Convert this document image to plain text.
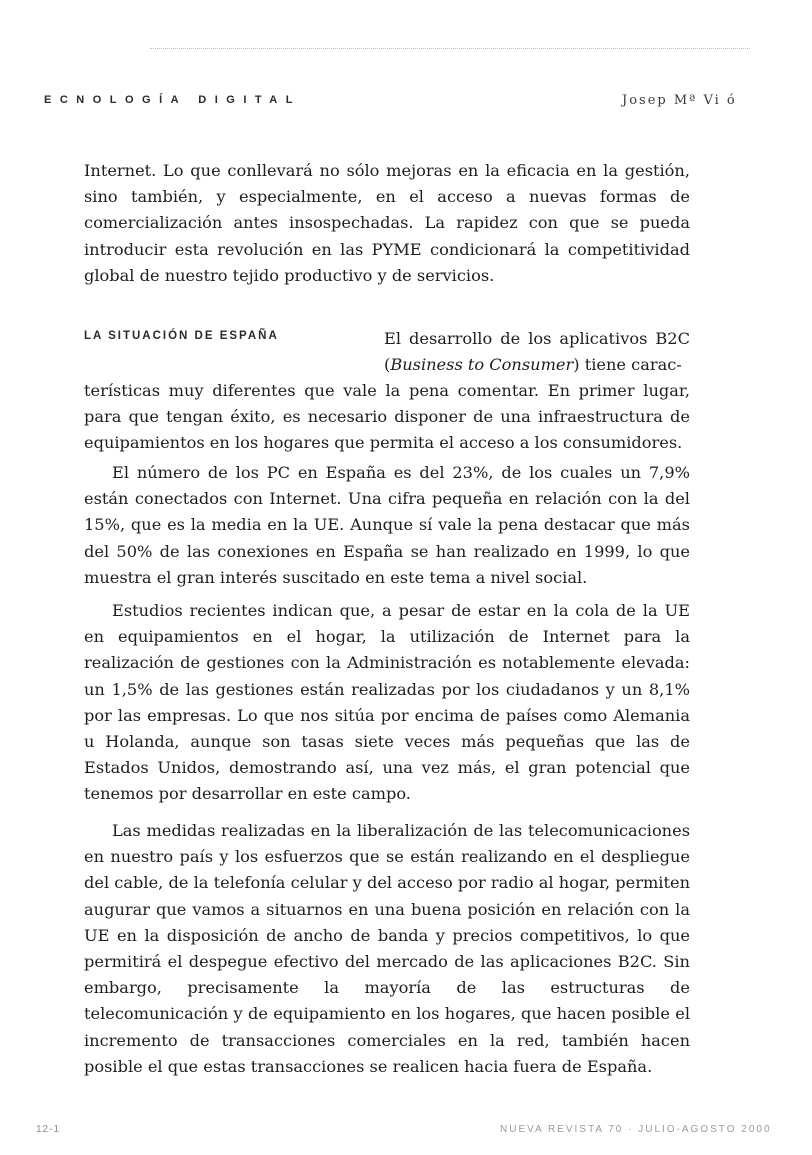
ECNOLOGÍA DIGITAL	Josep Mª Vi ó

Internet. Lo que conllevará no sólo mejoras en la eficacia en la gestión, sino también, y especialmente, en el acceso a nuevas formas de comercialización antes insospechadas. La rapidez con que se pueda introducir esta revolución en las PYME condicionará la competitividad global de nuestro tejido productivo y de servicios.

LA SITUACIÓN DE ESPAÑA	El desarrollo de los aplicativos B2C (Business to Consumer) tiene carac-

terísticas muy diferentes que vale la pena comentar. En primer lugar, para que tengan éxito, es necesario disponer de una infraestructura de equipamientos en los hogares que permita el acceso a los consumidores.

El número de los PC en España es del 23%, de los cuales un 7,9% están conectados con Internet. Una cifra pequeña en relación con la del 15%, que es la media en la UE. Aunque sí vale la pena destacar que más del 50% de las conexiones en España se han realizado en 1999, lo que muestra el gran interés suscitado en este tema a nivel social.

Estudios recientes indican que, a pesar de estar en la cola de la UE en equipamientos en el hogar, la utilización de Internet para la realización de gestiones con la Administración es notablemente elevada: un 1,5% de las gestiones están realizadas por los ciudadanos y un 8,1% por las empresas. Lo que nos sitúa por encima de países como Alemania u Holanda, aunque son tasas siete veces más pequeñas que las de Estados Unidos, demostrando así, una vez más, el gran potencial que tenemos por desarrollar en este campo.

Las medidas realizadas en la liberalización de las telecomunicaciones en nuestro país y los esfuerzos que se están realizando en el despliegue del cable, de la telefonía celular y del acceso por radio al hogar, permiten augurar que vamos a situarnos en una buena posición en relación con la UE en la disposición de ancho de banda y precios competitivos, lo que permitirá el despegue efectivo del mercado de las aplicaciones B2C. Sin embargo, precisamente la mayoría de las estructuras de telecomunicación y de equipamiento en los hogares, que hacen posible el incremento de transacciones comerciales en la red, también hacen posible el que estas transacciones se realicen hacia fuera de España.

12-1	NUEVA REVISTA 70 · JULIO-AGOSTO 2000
